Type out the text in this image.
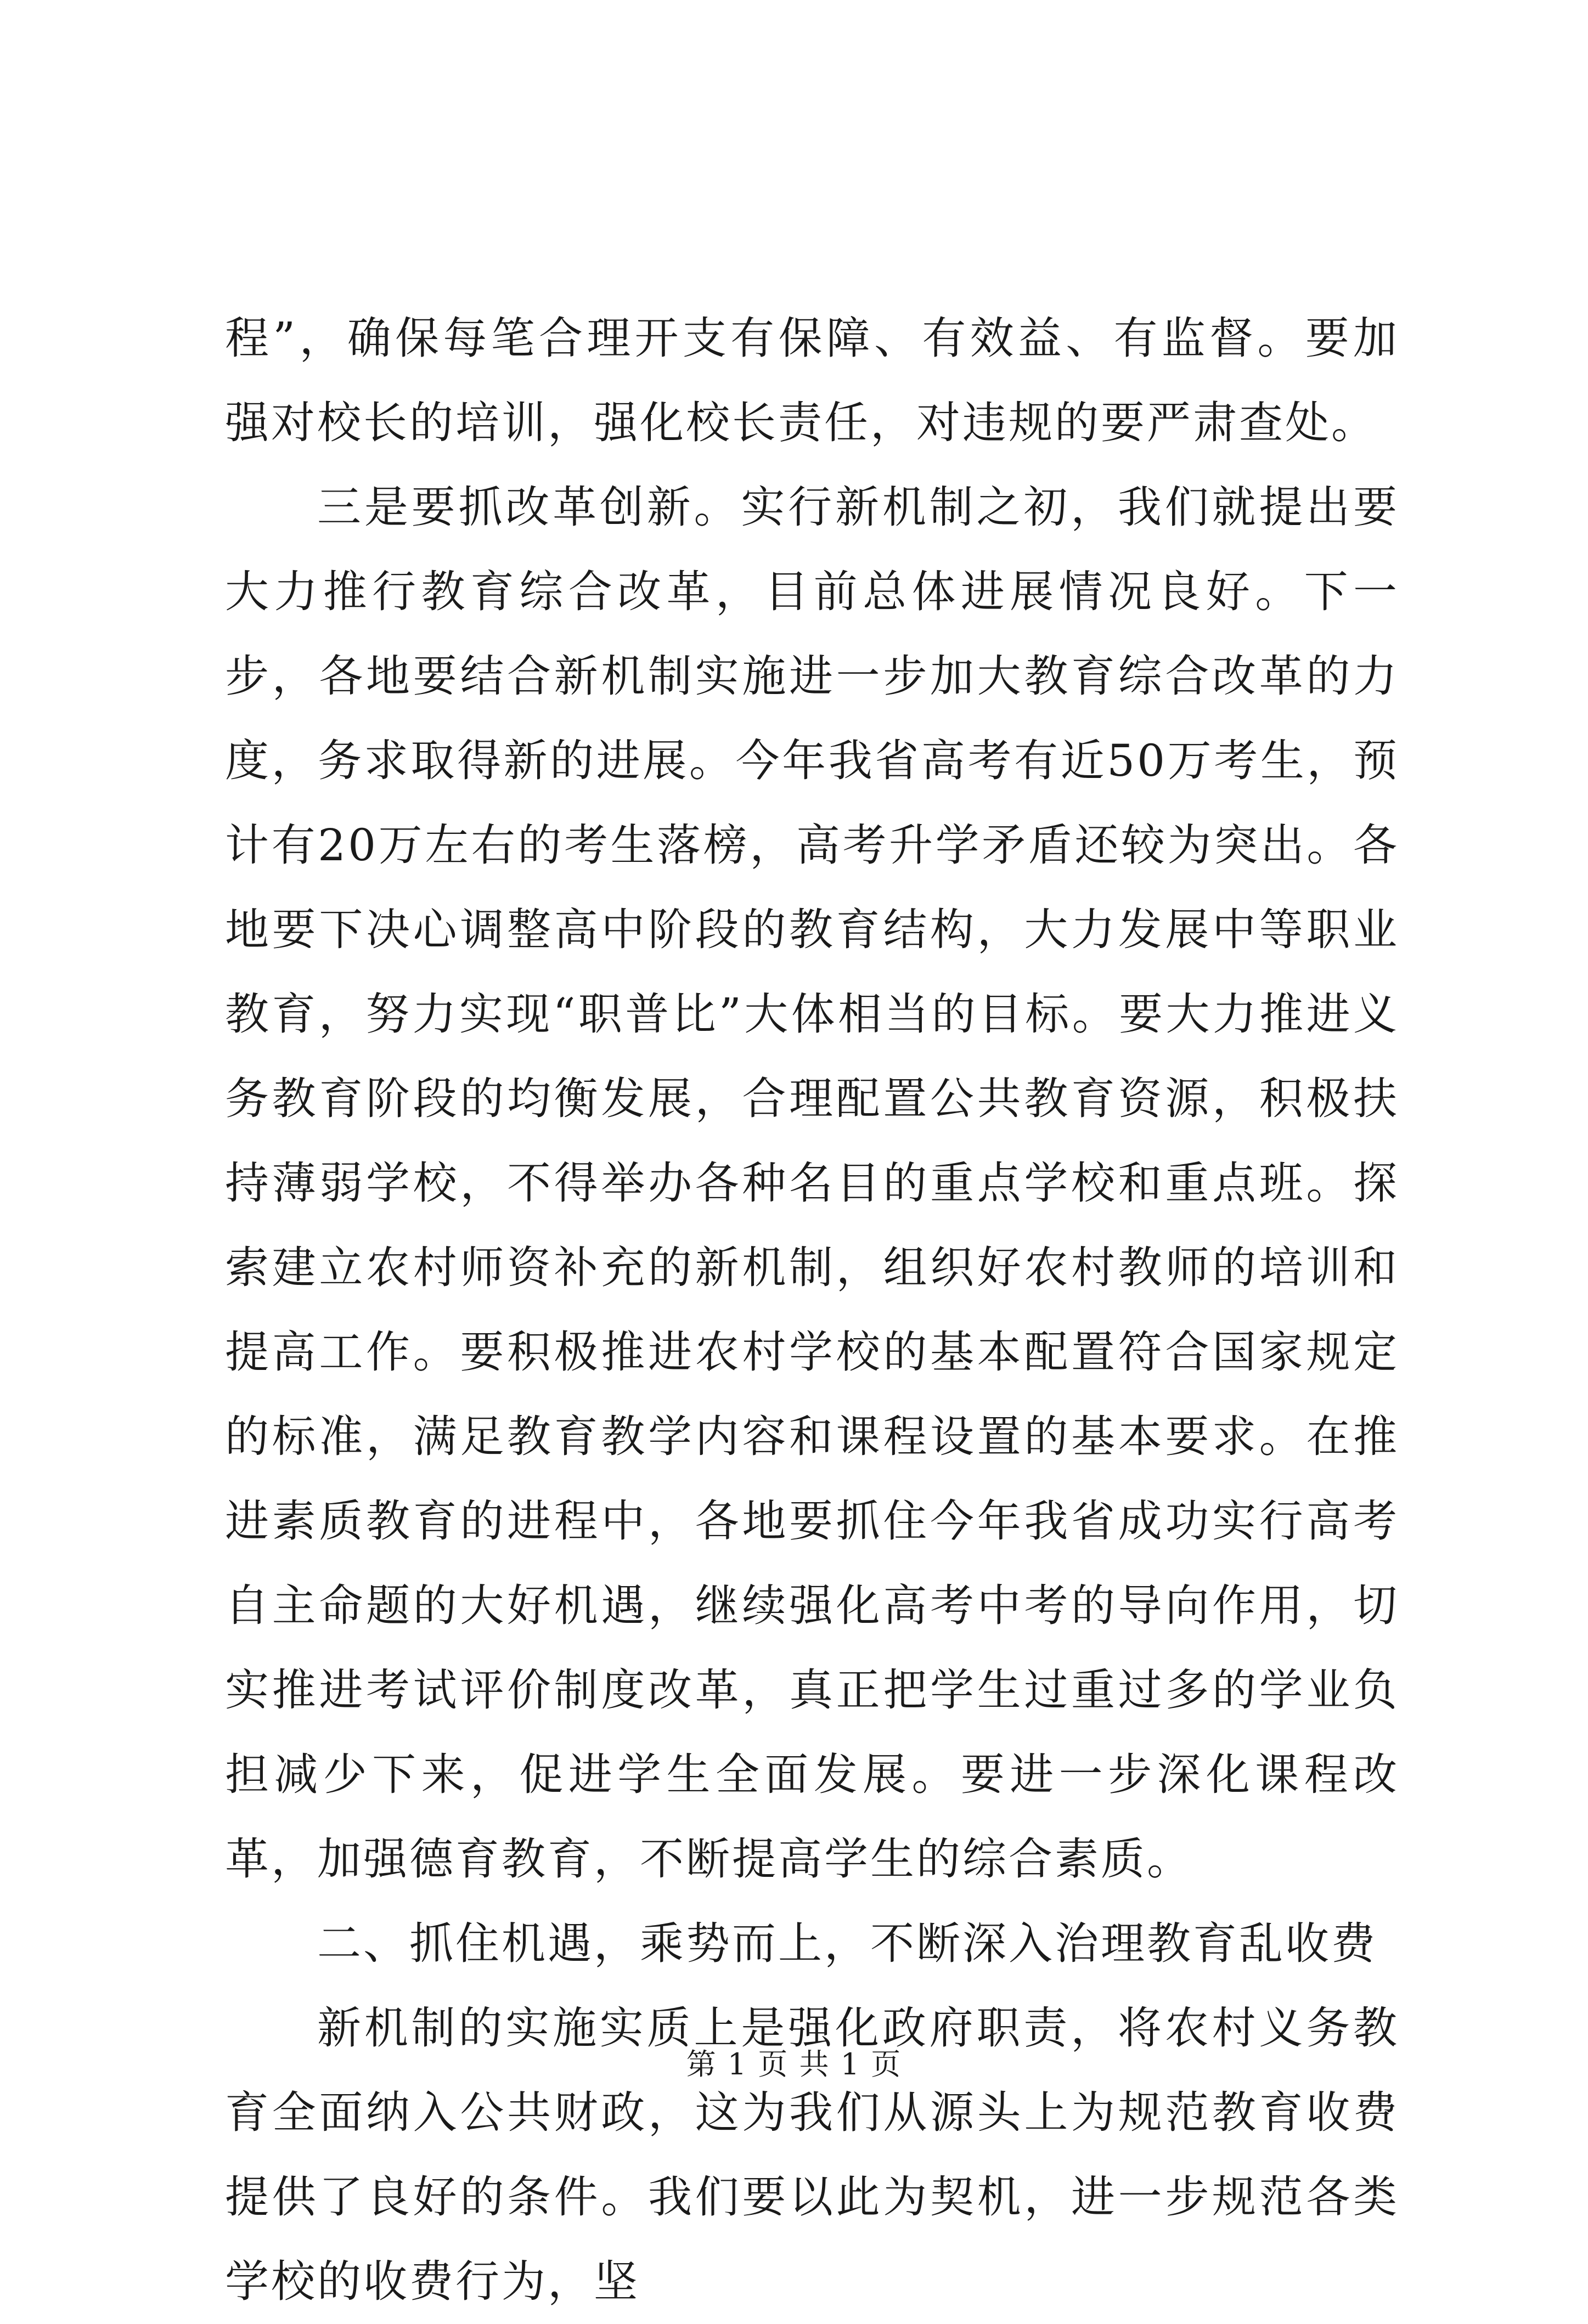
程”，确保每笔合理开支有保障、有效益、有监督。要加强对校长的培训，强化校长责任，对违规的要严肃查处。

三是要抓改革创新。实行新机制之初，我们就提出要大力推行教育综合改革，目前总体进展情况良好。下一步，各地要结合新机制实施进一步加大教育综合改革的力度，务求取得新的进展。今年我省高考有近50万考生，预计有20万左右的考生落榜，高考升学矛盾还较为突出。各地要下决心调整高中阶段的教育结构，大力发展中等职业教育，努力实现“职普比”大体相当的目标。要大力推进义务教育阶段的均衡发展，合理配置公共教育资源，积极扶持薄弱学校，不得举办各种名目的重点学校和重点班。探索建立农村师资补充的新机制，组织好农村教师的培训和提高工作。要积极推进农村学校的基本配置符合国家规定的标准，满足教育教学内容和课程设置的基本要求。在推进素质教育的进程中，各地要抓住今年我省成功实行高考自主命题的大好机遇，继续强化高考中考的导向作用，切实推进考试评价制度改革，真正把学生过重过多的学业负担减少下来，促进学生全面发展。要进一步深化课程改革，加强德育教育，不断提高学生的综合素质。

二、抓住机遇，乘势而上，不断深入治理教育乱收费

新机制的实施实质上是强化政府职责，将农村义务教育全面纳入公共财政，这为我们从源头上为规范教育收费提供了良好的条件。我们要以此为契机，进一步规范各类学校的收费行为，坚

第 1 页 共 1 页
